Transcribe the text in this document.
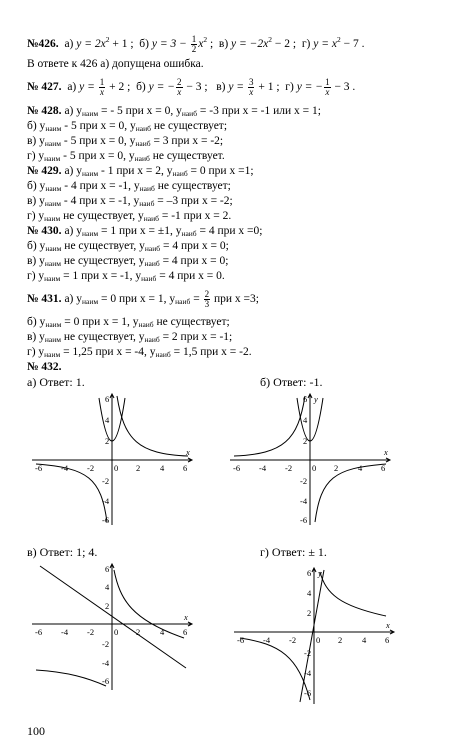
№426. а) $y = 2x^2 + 1$ ; б) $y = 3 - \frac{1}{2} x^2$ ; в) $y = -2x^2 - 2$ ; г) $y = x^2 - 7$ .
В ответе к 426 а) допущена ошибка.
№ 427. а) $y = \frac{1}{x} + 2$ ; б) y = − $\frac{2}{x} - 3$ ; в) $y = \frac{3}{x} + 1$ ; г) y = − $\frac{1}{x} - 3$ .
№ 428. а) $y_{наим}$ = - 5 при x = 0, $y_{наиб} = -3$ при x = -1 или x = 1;
б) $y_{наим} - 5$ при x = 0, $y_{наиб}$ не существует;
в) $y_{наим} - 5$ при x = 0, $y_{наиб} = 3$ при x = -2;
г) $y_{наим} - 5$ при x = 0, $y_{наиб}$ не существует.
№ 429. а) $y_{наим} - 1$ при x = 2, $y_{наиб} = 0$ при x =1;
б) $y_{наим} - 4$ при x = -1, $y_{наиб}$ не существует;
в) $y_{наим} - 4$ при x = -1, $y_{наиб} = -3$ при x = -2;
г) $y_{наим}$ не существует, $y_{наиб} = -1$ при x = 2.
№ 430. а) $y_{наим} = 1$ при x = ±1, $y_{наиб} = 4$ при x =0;
б) $y_{наим}$ не существует, $y_{наиб} = 4$ при x = 0;
в) $y_{наим}$ не существует, $y_{наиб} = 4$ при x = 0;
г) $y_{наим} = 1$ при x = -1, $y_{наиб} = 4$ при x = 0.
№ 431. а) $y_{наим} = 0$ при x = 1, $y_{наиб} = \frac{2}{3}$ при x =3;
б) $y_{наим} = 0$ при x = 1, $y_{наиб}$ не существует;
в) $y_{наим}$ не существует, $y_{наиб} = 2$ при x = -1;
г) $y_{наим} = 1,25$ при x = -4, $y_{наиб} = 1,5$ при x = -2.
№ 432.
а) Ответ: 1.	б) Ответ: -1.
в) Ответ: 1; 4.	г) Ответ: ± 1.
-6 -4 -2 0 2 4 6
x
6
4
2
-2
-4
-6
-6 -4 -2 0 2 4 6
x
y
6
4
2
-2
-4
-6
-6 -4 -2 0 2 4 6
x
6
4
2
-2
-4
-6
-6 -4 -2 0 2 4 6
x
y
6
4
2
-2
-4
-6
100
